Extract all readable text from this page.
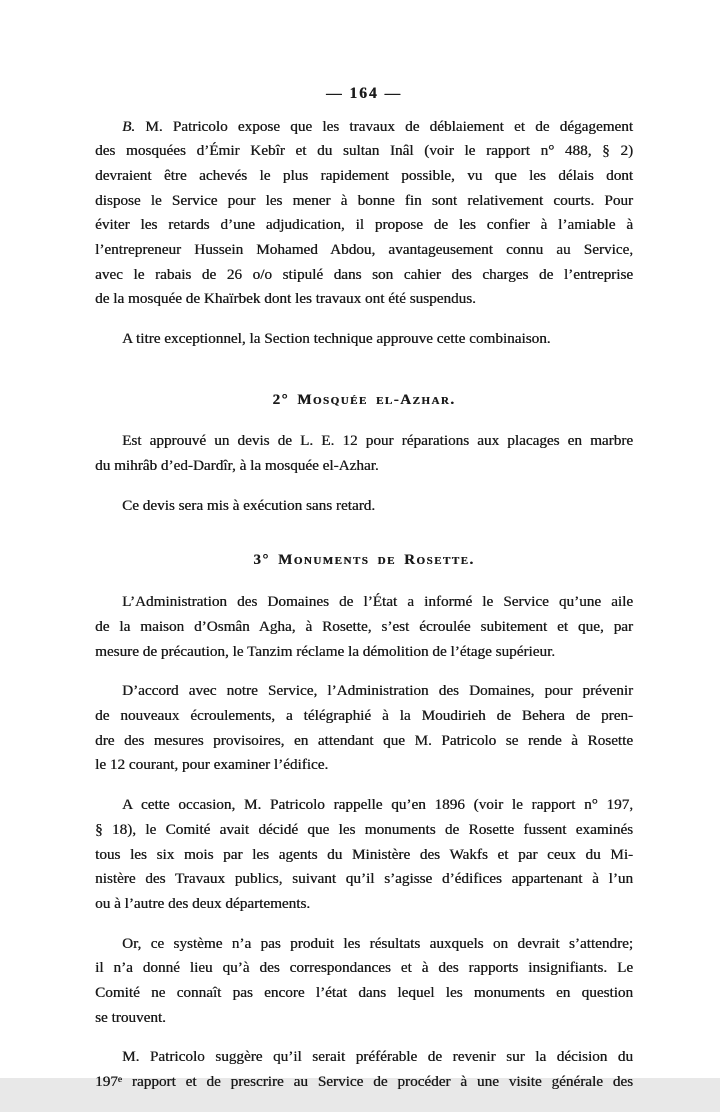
— 164 —

B. M. Patricolo expose que les travaux de déblaiement et de dégagement
des mosquées d’Émir Kebîr et du sultan Inâl (voir le rapport n° 488, § 2)
devraient être achevés le plus rapidement possible, vu que les délais dont
dispose le Service pour les mener à bonne fin sont relativement courts. Pour
éviter les retards d’une adjudication, il propose de les confier à l’amiable à
l’entrepreneur Hussein Mohamed Abdou, avantageusement connu au Service,
avec le rabais de 26 o/o stipulé dans son cahier des charges de l’entreprise
de la mosquée de Khaïrbek dont les travaux ont été suspendus.

A titre exceptionnel, la Section technique approuve cette combinaison.

2° Mosquée el-Azhar.

Est approuvé un devis de L. E. 12 pour réparations aux placages en marbre
du mihrâb d’ed-Dardîr, à la mosquée el-Azhar.

Ce devis sera mis à exécution sans retard.

3° Monuments de Rosette.

L’Administration des Domaines de l’État a informé le Service qu’une aile
de la maison d’Osmân Agha, à Rosette, s’est écroulée subitement et que, par
mesure de précaution, le Tanzim réclame la démolition de l’étage supérieur.

D’accord avec notre Service, l’Administration des Domaines, pour prévenir
de nouveaux écroulements, a télégraphié à la Moudirieh de Behera de pren-
dre des mesures provisoires, en attendant que M. Patricolo se rende à Rosette
le 12 courant, pour examiner l’édifice.

A cette occasion, M. Patricolo rappelle qu’en 1896 (voir le rapport n° 197,
§ 18), le Comité avait décidé que les monuments de Rosette fussent examinés
tous les six mois par les agents du Ministère des Wakfs et par ceux du Mi-
nistère des Travaux publics, suivant qu’il s’agisse d’édifices appartenant à l’un
ou à l’autre des deux départements.

Or, ce système n’a pas produit les résultats auxquels on devrait s’attendre;
il n’a donné lieu qu’à des correspondances et à des rapports insignifiants. Le
Comité ne connaît pas encore l’état dans lequel les monuments en question
se trouvent.

M. Patricolo suggère qu’il serait préférable de revenir sur la décision du
197e rapport et de prescrire au Service de procéder à une visite générale des
